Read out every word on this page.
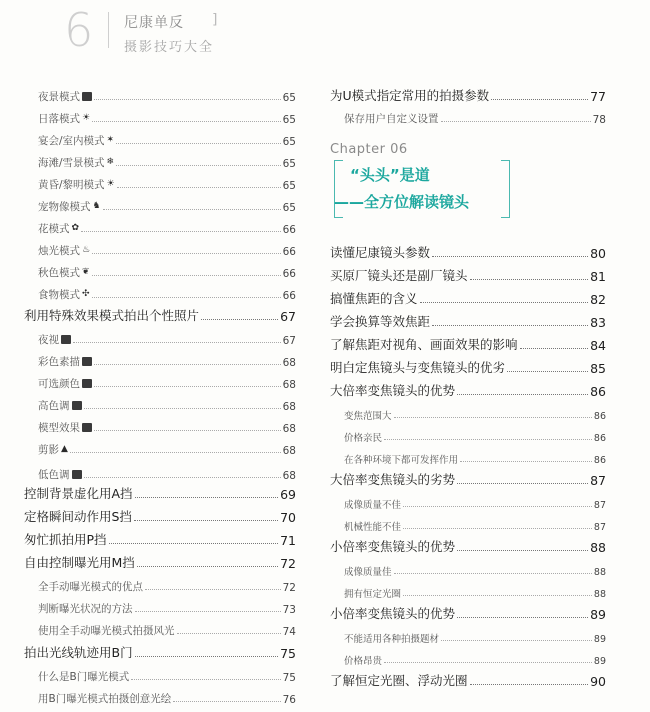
6 尼康单反 ]
摄影技巧大全
夜景模式	65
日落模式 ☀	65
宴会/室内模式 ✶	65
海滩/雪景模式 ❄	65
黄昏/黎明模式 ☀	65
宠物像模式 ♞	65
花模式 ✿	66
烛光模式 ♨	66
秋色模式 ❦	66
食物模式 ✣	66
利用特殊效果模式拍出个性照片	67
夜视	67
彩色素描	68
可选颜色	68
高色调	68
模型效果	68
剪影 ▲	68
低色调	68
控制背景虚化用A挡	69
定格瞬间动作用S挡	70
匆忙抓拍用P挡	71
自由控制曝光用M挡	72
全手动曝光模式的优点	72
判断曝光状况的方法	73
使用全手动曝光模式拍摄风光	74
拍出光线轨迹用B门	75
什么是B门曝光模式	75
用B门曝光模式拍摄创意光绘	76
为U模式指定常用的拍摄参数	77
保存用户自定义设置	78
读懂尼康镜头参数	80
买原厂镜头还是副厂镜头	81
搞懂焦距的含义	82
学会换算等效焦距	83
了解焦距对视角、画面效果的影响	84
明白定焦镜头与变焦镜头的优劣	85
大倍率变焦镜头的优势	86
变焦范围大	86
价格亲民	86
在各种环境下都可发挥作用	86
大倍率变焦镜头的劣势	87
成像质量不佳	87
机械性能不佳	87
小倍率变焦镜头的优势	88
成像质量佳	88
拥有恒定光圈	88
小倍率变焦镜头的优势	89
不能适用各种拍摄题材	89
价格昂贵	89
了解恒定光圈、浮动光圈	90
Chapter 06
“头头”是道
——全方位解读镜头
